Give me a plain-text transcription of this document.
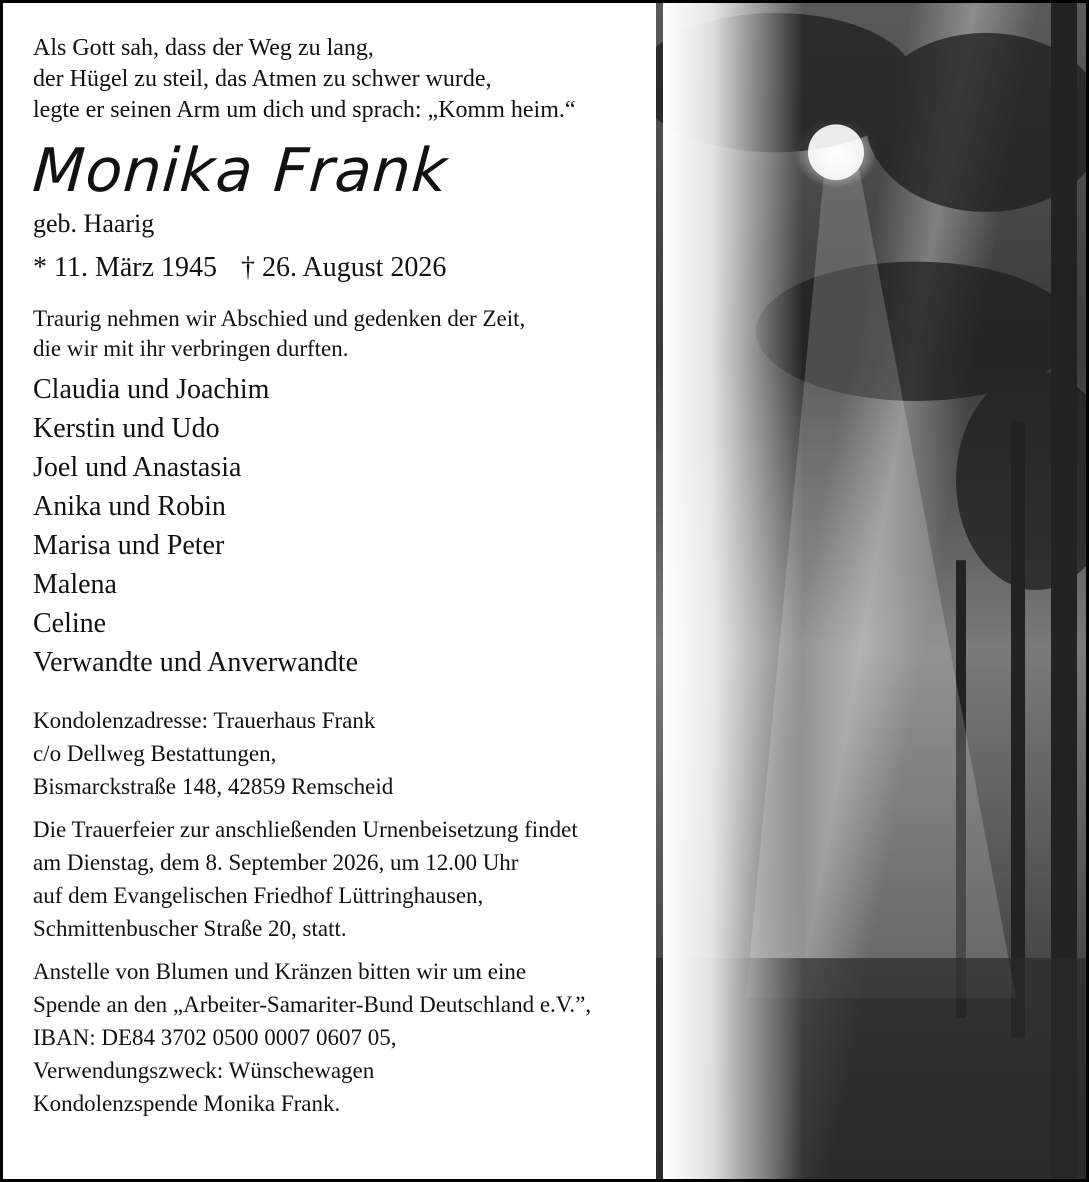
Als Gott sah, dass der Weg zu lang,
der Hügel zu steil, das Atmen zu schwer wurde,
legte er seinen Arm um dich und sprach: „Komm heim.“
Monika Frank
geb. Haarig
* 11. März 1945 † 26. August 2026
Traurig nehmen wir Abschied und gedenken der Zeit,
die wir mit ihr verbringen durften.
Claudia und Joachim
Kerstin und Udo
Joel und Anastasia
Anika und Robin
Marisa und Peter
Malena
Celine
Verwandte und Anverwandte
Kondolenzadresse: Trauerhaus Frank
c/o Dellweg Bestattungen,
Bismarckstraße 148, 42859 Remscheid
Die Trauerfeier zur anschließenden Urnenbeisetzung findet
am Dienstag, dem 8. September 2026, um 12.00 Uhr
auf dem Evangelischen Friedhof Lüttringhausen,
Schmittenbuscher Straße 20, statt.
Anstelle von Blumen und Kränzen bitten wir um eine
Spende an den „Arbeiter-Samariter-Bund Deutschland e.V.”,
IBAN: DE84 3702 0500 0007 0607 05,
Verwendungszweck: Wünschewagen
Kondolenzspende Monika Frank.
